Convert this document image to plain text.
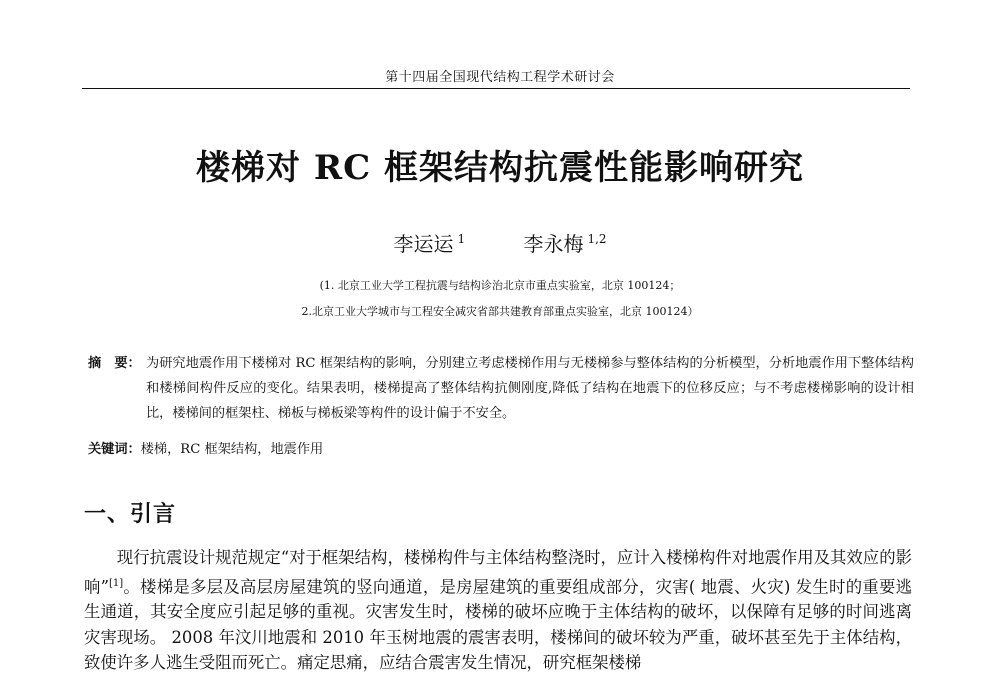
第十四届全国现代结构工程学术研讨会
楼梯对 RC 框架结构抗震性能影响研究
李运运 $^1$	李永梅 $^{1,2}$
(1. 北京工业大学工程抗震与结构诊治北京市重点实验室，北京 100124；
2.北京工业大学城市与工程安全减灾省部共建教育部重点实验室，北京 100124）
摘　要： 为研究地震作用下楼梯对 RC 框架结构的影响，分别建立考虑楼梯作用与无楼梯参与整体结构的分析模型，分析地震作用下整体结构和楼梯间构件反应的变化。结果表明，楼梯提高了整体结构抗侧刚度,降低了结构在地震下的位移反应；与不考虑楼梯影响的设计相比，楼梯间的框架柱、梯板与梯板梁等构件的设计偏于不安全。
关键词：楼梯，RC 框架结构，地震作用
一、引言
现行抗震设计规范规定“对于框架结构，楼梯构件与主体结构整浇时，应计入楼梯构件对地震作用及其效应的影响”[1]。楼梯是多层及高层房屋建筑的竖向通道，是房屋建筑的重要组成部分，灾害( 地震、火灾) 发生时的重要逃生通道，其安全度应引起足够的重视。灾害发生时，楼梯的破坏应晚于主体结构的破坏，以保障有足够的时间逃离灾害现场。 2008 年汶川地震和 2010 年玉树地震的震害表明，楼梯间的破坏较为严重，破坏甚至先于主体结构，致使许多人逃生受阻而死亡。痛定思痛，应结合震害发生情况，研究框架楼梯
